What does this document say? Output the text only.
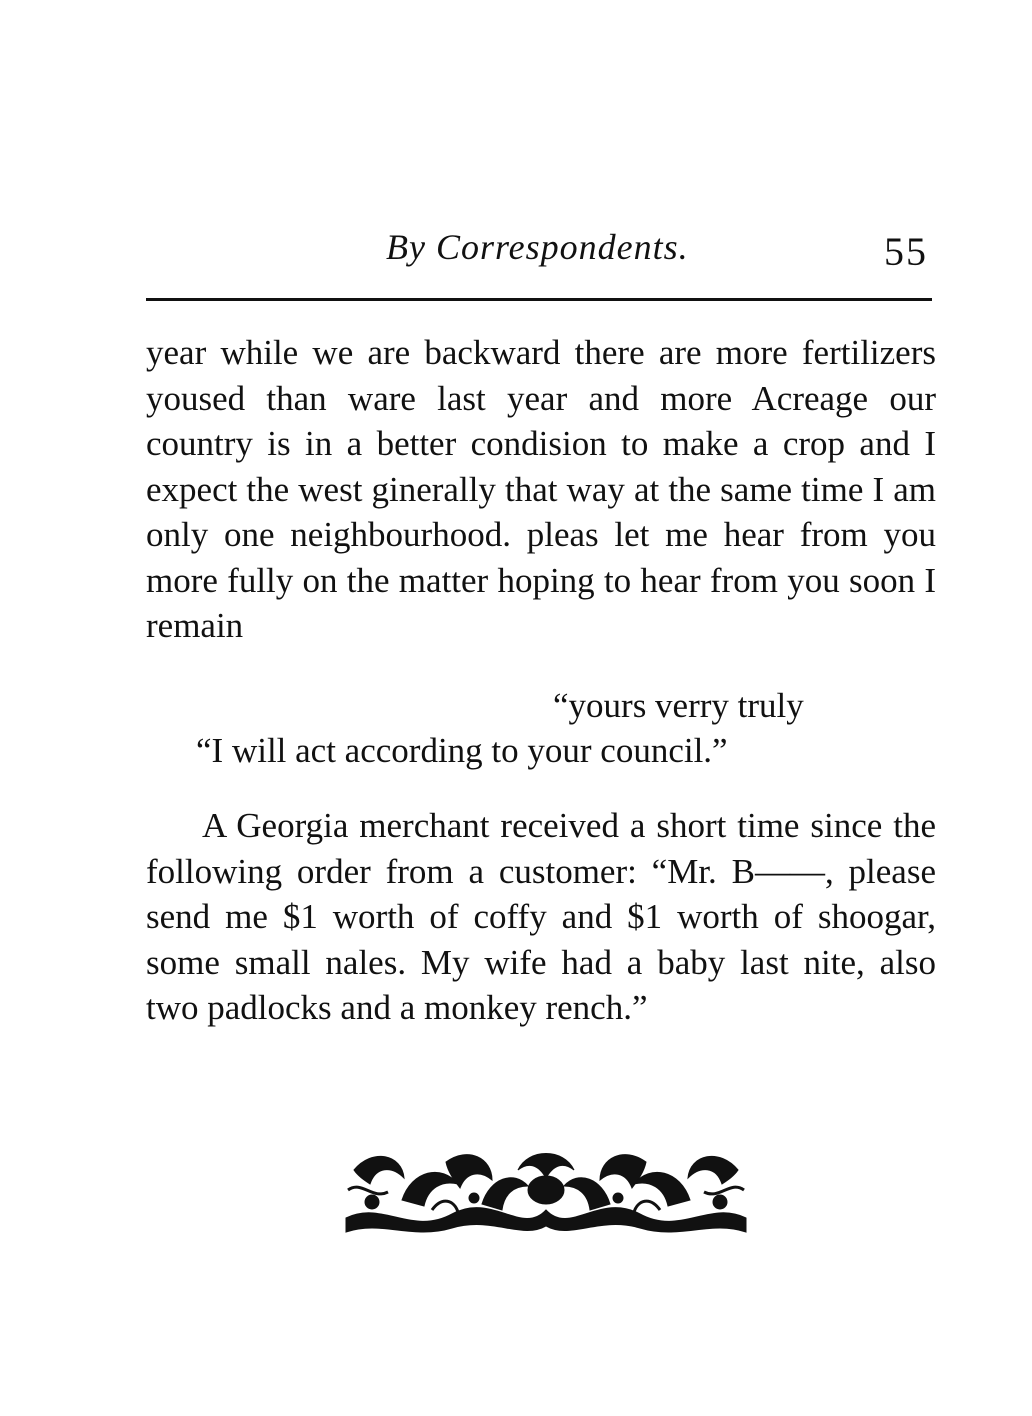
By Correspondents.	55

year while we are backward there are more fertilizers yoused than ware last year and more Acreage our country is in a better condision to make a crop and I expect the west ginerally that way at the same time I am only one neighbourhood. pleas let me hear from you more fully on the matter hoping to hear from you soon I remain

“yours verry truly
“I will act according to your council.”

A Georgia merchant received a short time since the following order from a customer: “Mr. B——, please send me $1 worth of coffy and $1 worth of shoogar, some small nales. My wife had a baby last nite, also two padlocks and a monkey rench.”
